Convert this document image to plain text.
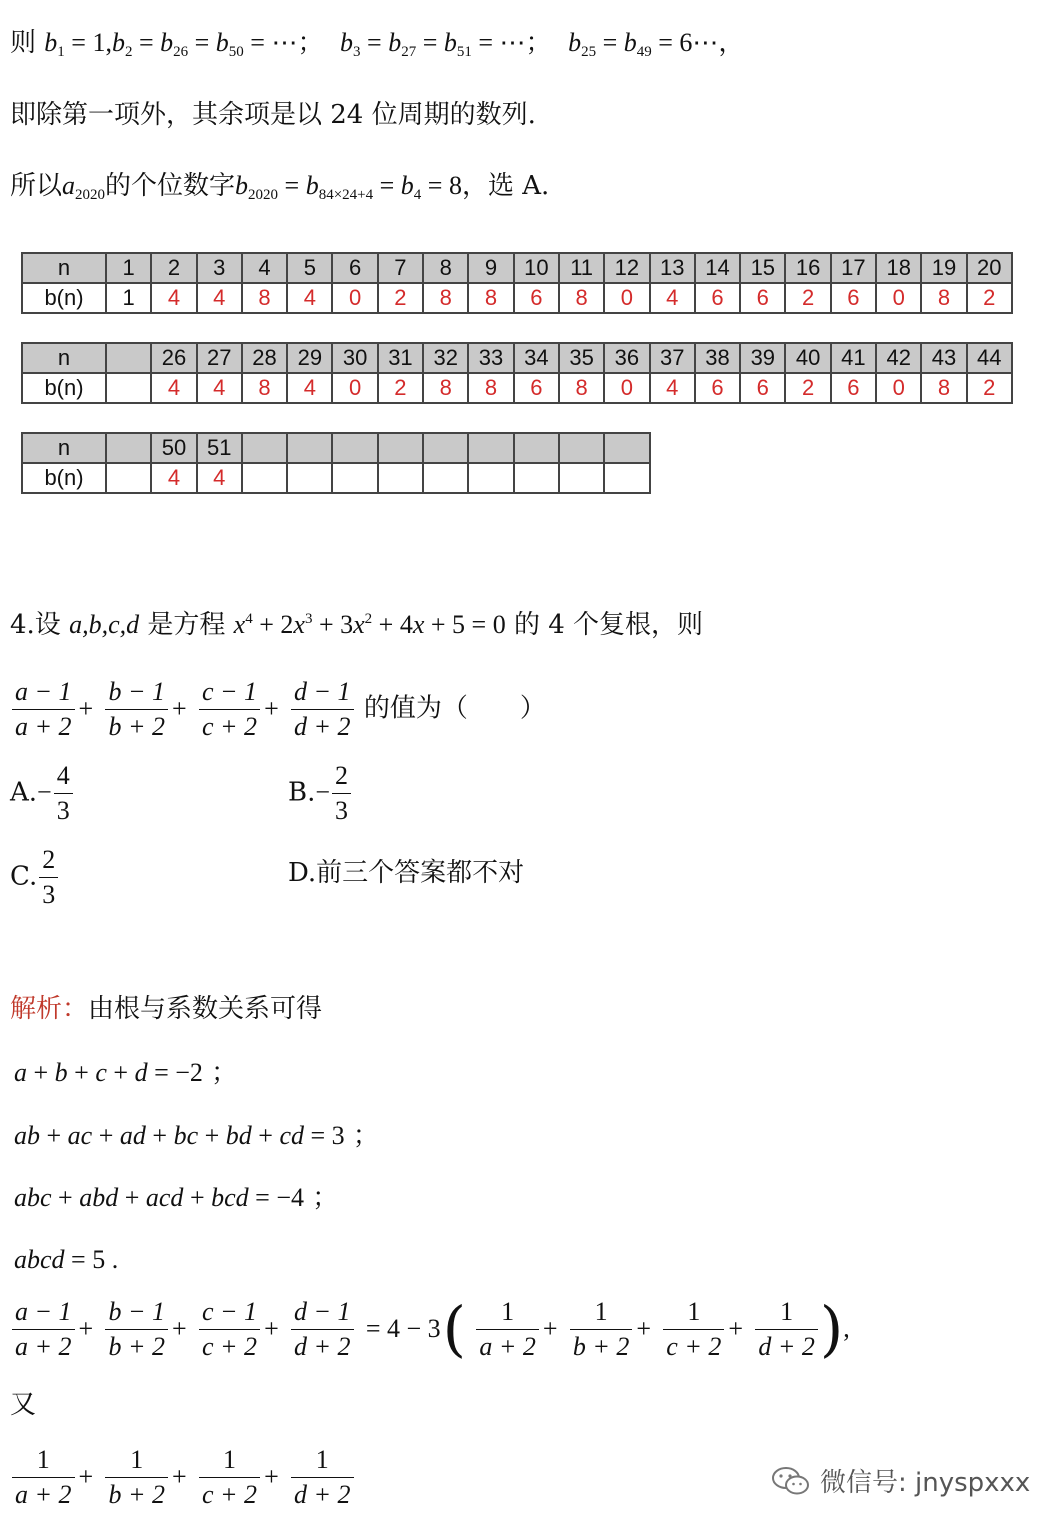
则 $b_1 = 1,b_2 = b_{26} = b_{50}$ = ⋯； $b_3 = b_{27} = b_{51}$ = ⋯； $b_{25} = b_{49}$ = 6⋯，
即除第一项外，其余项是以 24 位周期的数列.
所以$a_{2020}$的个位数字$b_{2020} = b_{84\times 24+4} = b_4 = 8$，选 A.
n	1	2	3	4	5	6	7	8	9	10	11	12	13	14	15	16	17	18	19	20
b(n)	1	4	4	8	4	0	2	8	8	6	8	0	4	6	6	2	6	0	8	2
n		26	27	28	29	30	31	32	33	34	35	36	37	38	39	40	41	42	43	44
b(n)		4	4	8	4	0	2	8	8	6	8	0	4	6	6	2	6	0	8	2
n		50	51									
b(n)		4	4									
4.设 a,b,c,d 是方程 $x^4 + 2x^3 + 3x^2 + 4x + 5 = 0$ 的 4 个复根，则
$\frac{a - 1}{a + 2} + \frac{b - 1}{b + 2} + \frac{c - 1}{c + 2} + \frac{d - 1}{d + 2}$ 的值为（　　）
$A.- \frac{4}{3}$	$B.- \frac{2}{3}$
C. $\frac{2}{3}$	D.前三个答案都不对
解析：由根与系数关系可得
a + b + c + d = −2 ；
ab + ac + ad + bc + bd + cd = 3 ；
abc + abd + acd + bcd = −4 ；
abcd = 5 .
$\frac{a - 1}{a + 2} + \frac{b - 1}{b + 2} + \frac{c - 1}{c + 2} + \frac{d - 1}{d + 2} = 4 - 3( \frac{1}{a + 2} + \frac{1}{b + 2} + \frac{1}{c + 2} + \frac{1}{d + 2}$ ),
又
$\frac{1}{a + 2} + \frac{1}{b + 2} + \frac{1}{c + 2} + \frac{1}{d + 2}$	微信号: jnyspxxx
